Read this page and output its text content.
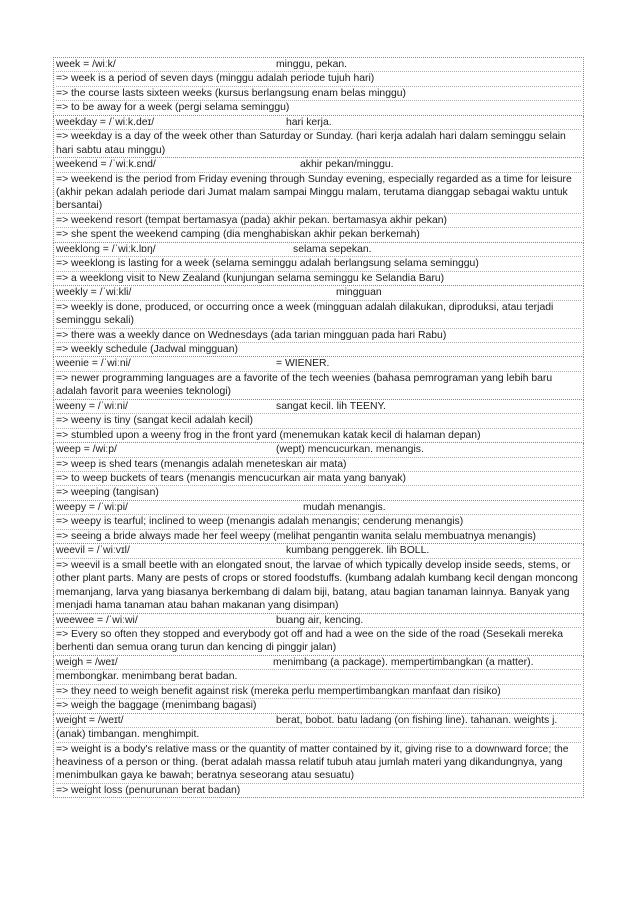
week = /wiːk/	minggu, pekan.
=> week is a period of seven days (minggu adalah periode tujuh hari)
=> the course lasts sixteen weeks (kursus berlangsung enam belas minggu)
=> to be away for a week (pergi selama seminggu)
weekday = /ˈwiːk.deɪ/	hari kerja.
=> weekday is a day of the week other than Saturday or Sunday. (hari kerja adalah hari dalam seminggu selain hari sabtu atau minggu)
weekend = /ˈwiːk.ɛnd/	akhir pekan/minggu.
=> weekend is the period from Friday evening through Sunday evening, especially regarded as a time for leisure (akhir pekan adalah periode dari Jumat malam sampai Minggu malam, terutama dianggap sebagai waktu untuk bersantai)
=> weekend resort (tempat bertamasya (pada) akhir pekan. bertamasya akhir pekan)
=> she spent the weekend camping (dia menghabiskan akhir pekan berkemah)
weeklong = /ˈwiːk.lɒŋ/	selama sepekan.
=> weeklong is lasting for a week (selama seminggu adalah berlangsung selama seminggu)
=> a weeklong visit to New Zealand (kunjungan selama seminggu ke Selandia Baru)
weekly = /ˈwiːkli/	mingguan
=> weekly is done, produced, or occurring once a week (mingguan adalah dilakukan, diproduksi, atau terjadi seminggu sekali)
=> there was a weekly dance on Wednesdays (ada tarian mingguan pada hari Rabu)
=> weekly schedule (Jadwal mingguan)
weenie = /ˈwiːni/	= WIENER.
=> newer programming languages are a favorite of the tech weenies (bahasa pemrograman yang lebih baru adalah favorit para weenies teknologi)
weeny = /ˈwiːni/	sangat kecil. lih TEENY.
=> weeny is tiny (sangat kecil adalah kecil)
=> stumbled upon a weeny frog in the front yard (menemukan katak kecil di halaman depan)
weep = /wiːp/	(wept) mencucurkan. menangis.
=> weep is shed tears (menangis adalah meneteskan air mata)
=> to weep buckets of tears (menangis mencucurkan air mata yang banyak)
=> weeping (tangisan)
weepy = /ˈwiːpi/	mudah menangis.
=> weepy is tearful; inclined to weep (menangis adalah menangis; cenderung menangis)
=> seeing a bride always made her feel weepy (melihat pengantin wanita selalu membuatnya menangis)
weevil = /ˈwiːvɪl/	kumbang penggerek. lih BOLL.
=> weevil is a small beetle with an elongated snout, the larvae of which typically develop inside seeds, stems, or other plant parts. Many are pests of crops or stored foodstuffs. (kumbang adalah kumbang kecil dengan moncong memanjang, larva yang biasanya berkembang di dalam biji, batang, atau bagian tanaman lainnya. Banyak yang menjadi hama tanaman atau bahan makanan yang disimpan)
weewee = /ˈwiːwi/	buang air, kencing.
=> Every so often they stopped and everybody got off and had a wee on the side of the road (Sesekali mereka berhenti dan semua orang turun dan kencing di pinggir jalan)
weigh = /weɪ/	menimbang (a package). mempertimbangkan (a matter).
membongkar. menimbang berat badan.
=> they need to weigh benefit against risk (mereka perlu mempertimbangkan manfaat dan risiko)
=> weigh the baggage (menimbang bagasi)
weight = /weɪt/	berat, bobot. batu ladang (on fishing line). tahanan. weights j.
(anak) timbangan. menghimpit.
=> weight is a body's relative mass or the quantity of matter contained by it, giving rise to a downward force; the heaviness of a person or thing. (berat adalah massa relatif tubuh atau jumlah materi yang dikandungnya, yang menimbulkan gaya ke bawah; beratnya seseorang atau sesuatu)
=> weight loss (penurunan berat badan)
